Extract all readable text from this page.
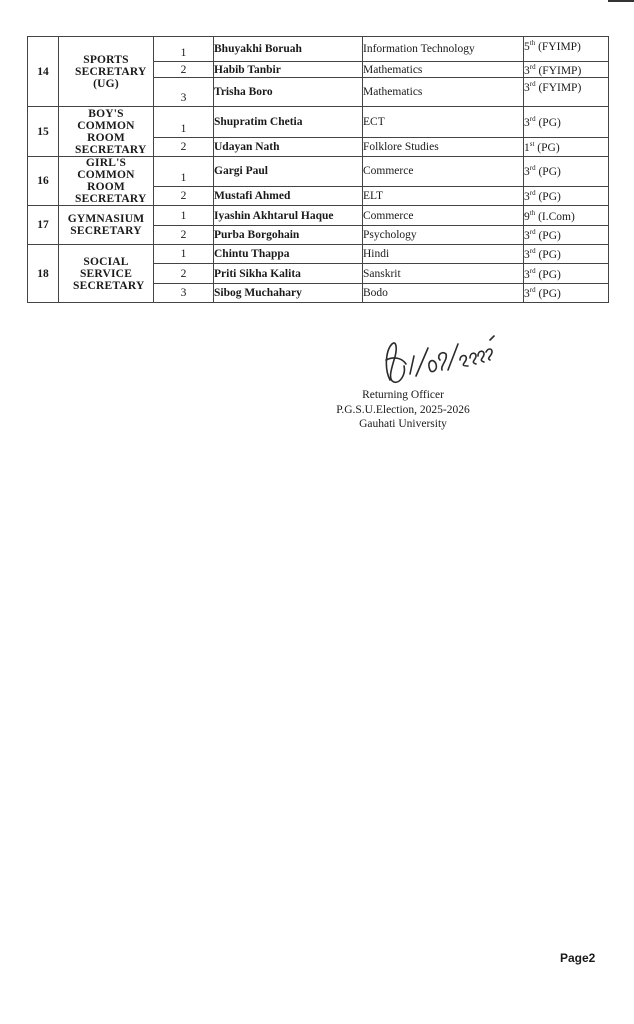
14	SPORTS SECRETARY (UG)	1	Bhuyakhi Boruah	Information Technology	5th (FYIMP)
		2	Habib Tanbir	Mathematics	3rd (FYIMP)
		3	Trisha Boro	Mathematics	3rd (FYIMP)
15	BOY'S COMMON ROOM SECRETARY	1	Shupratim Chetia	ECT	3rd (PG)
		2	Udayan Nath	Folklore Studies	1st (PG)
16	GIRL'S COMMON ROOM SECRETARY	1	Gargi Paul	Commerce	3rd (PG)
		2	Mustafi Ahmed	ELT	3rd (PG)
17	GYMNASIUM SECRETARY	1	Iyashin Akhtarul Haque	Commerce	9th (I.Com)
		2	Purba Borgohain	Psychology	3rd (PG)
18	SOCIAL SERVICE SECRETARY	1	Chintu Thappa	Hindi	3rd (PG)
		2	Priti Sikha Kalita	Sanskrit	3rd (PG)
		3	Sibog Muchahary	Bodo	3rd (PG)
Returning Officer
P.G.S.U.Election, 2025-2026
Gauhati University
Page2
